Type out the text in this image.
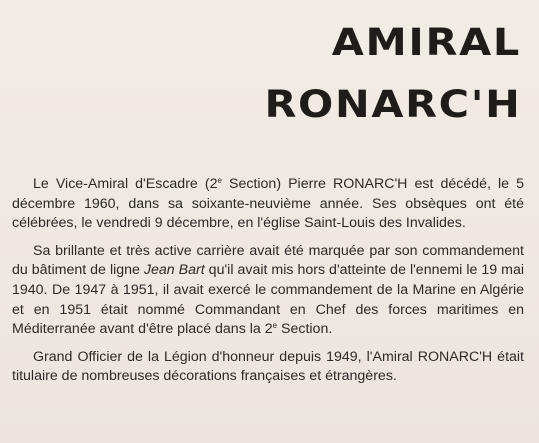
AMIRAL
RONARC'H

Le Vice-Amiral d'Escadre (2e Section) Pierre RONARC'H est décédé, le 5 décembre 1960, dans sa soixante-neuvième année. Ses obsèques ont été célébrées, le vendredi 9 décembre, en l'église Saint-Louis des Invalides.

Sa brillante et très active carrière avait été marquée par son commandement du bâtiment de ligne Jean Bart qu'il avait mis hors d'atteinte de l'ennemi le 19 mai 1940. De 1947 à 1951, il avait exercé le commandement de la Marine en Algérie et en 1951 était nommé Commandant en Chef des forces maritimes en Méditerranée avant d'être placé dans la 2e Section.

Grand Officier de la Légion d'honneur depuis 1949, l'Amiral RONARC'H était titulaire de nombreuses décorations françaises et étrangères.
